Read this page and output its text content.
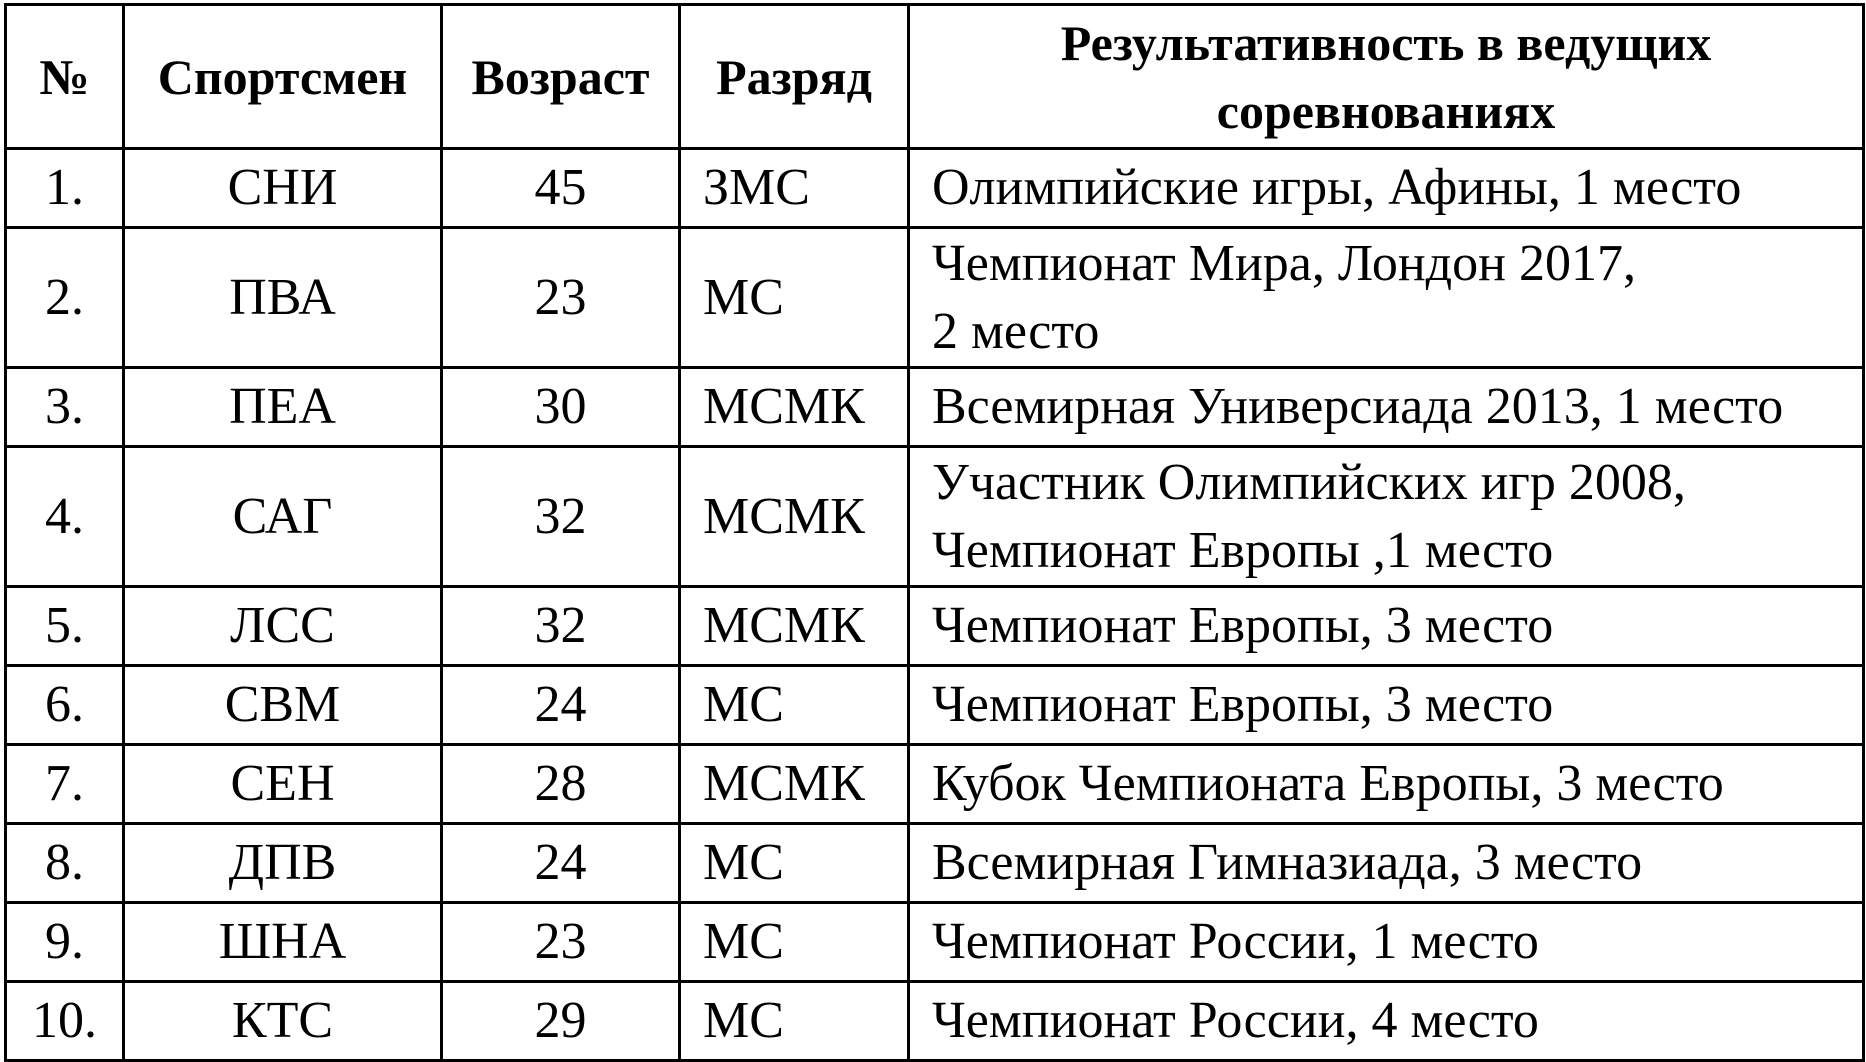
№	Спортсмен	Возраст	Разряд	Результативность в ведущих соревнованиях
1.	СНИ	45	ЗМС	Олимпийские игры, Афины, 1 место
2.	ПВА	23	МС	Чемпионат Мира, Лондон 2017,
2 место
3.	ПЕА	30	МСМК	Всемирная Универсиада 2013, 1 место
4.	САГ	32	МСМК	Участник Олимпийских игр 2008,
Чемпионат Европы ,1 место
5.	ЛСС	32	МСМК	Чемпионат Европы, 3 место
6.	СВМ	24	МС	Чемпионат Европы, 3 место
7.	СЕН	28	МСМК	Кубок Чемпионата Европы, 3 место
8.	ДПВ	24	МС	Всемирная Гимназиада, 3 место
9.	ШНА	23	МС	Чемпионат России, 1 место
10.	КТС	29	МС	Чемпионат России, 4 место
